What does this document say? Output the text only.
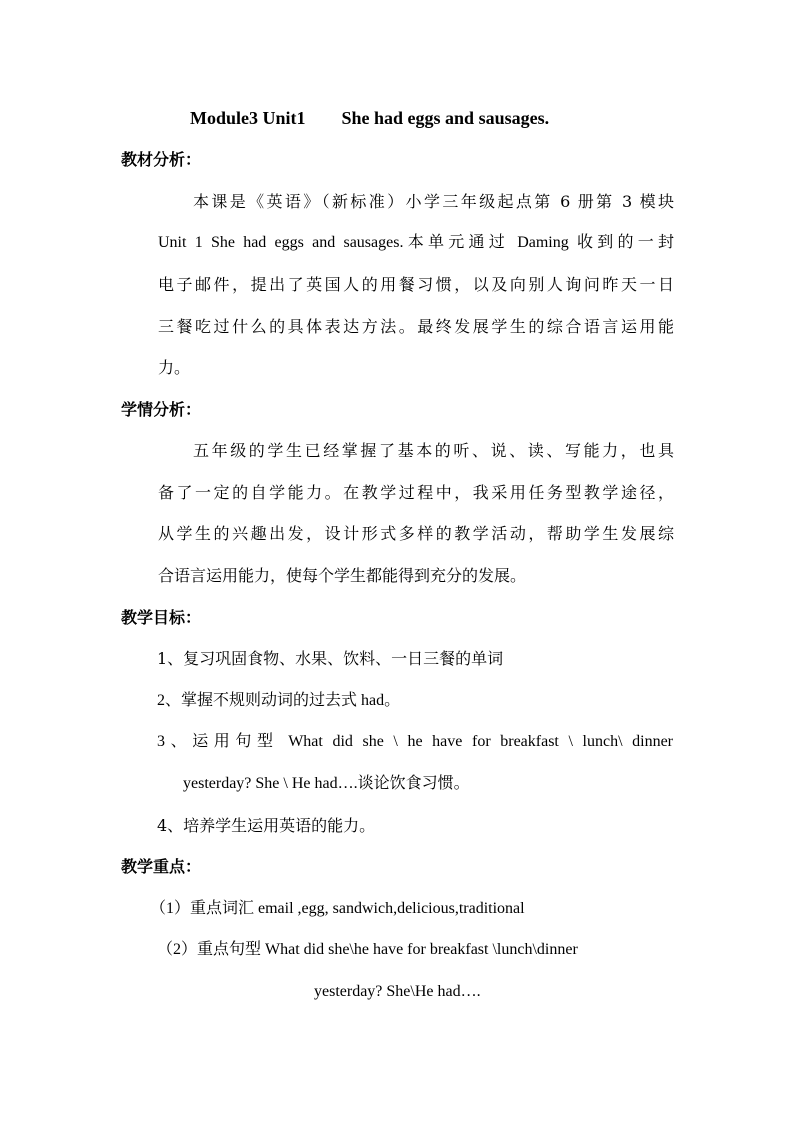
Module3 Unit1 She had eggs and sausages.
教材分析：
本课是《英语》（新标准）小学三年级起点第 6 册第 3 模块
Unit 1 She had eggs and sausages.本单元通过 Daming 收到的一封
电子邮件，提出了英国人的用餐习惯，以及向别人询问昨天一日
三餐吃过什么的具体表达方法。最终发展学生的综合语言运用能
力。
学情分析：
五年级的学生已经掌握了基本的听、说、读、写能力，也具
备了一定的自学能力。在教学过程中，我采用任务型教学途径，
从学生的兴趣出发，设计形式多样的教学活动，帮助学生发展综
合语言运用能力，使每个学生都能得到充分的发展。
教学目标：
1、复习巩固食物、水果、饮料、一日三餐的单词
2、掌握不规则动词的过去式 had。
3、运用句型 What did she \ he have for breakfast \ lunch\ dinner
yesterday? She \ He had….谈论饮食习惯。
4、培养学生运用英语的能力。
教学重点：
（1）重点词汇 email ,egg, sandwich,delicious,traditional
（2）重点句型 What did she\he have for breakfast \lunch\dinner
yesterday? She\He had….
